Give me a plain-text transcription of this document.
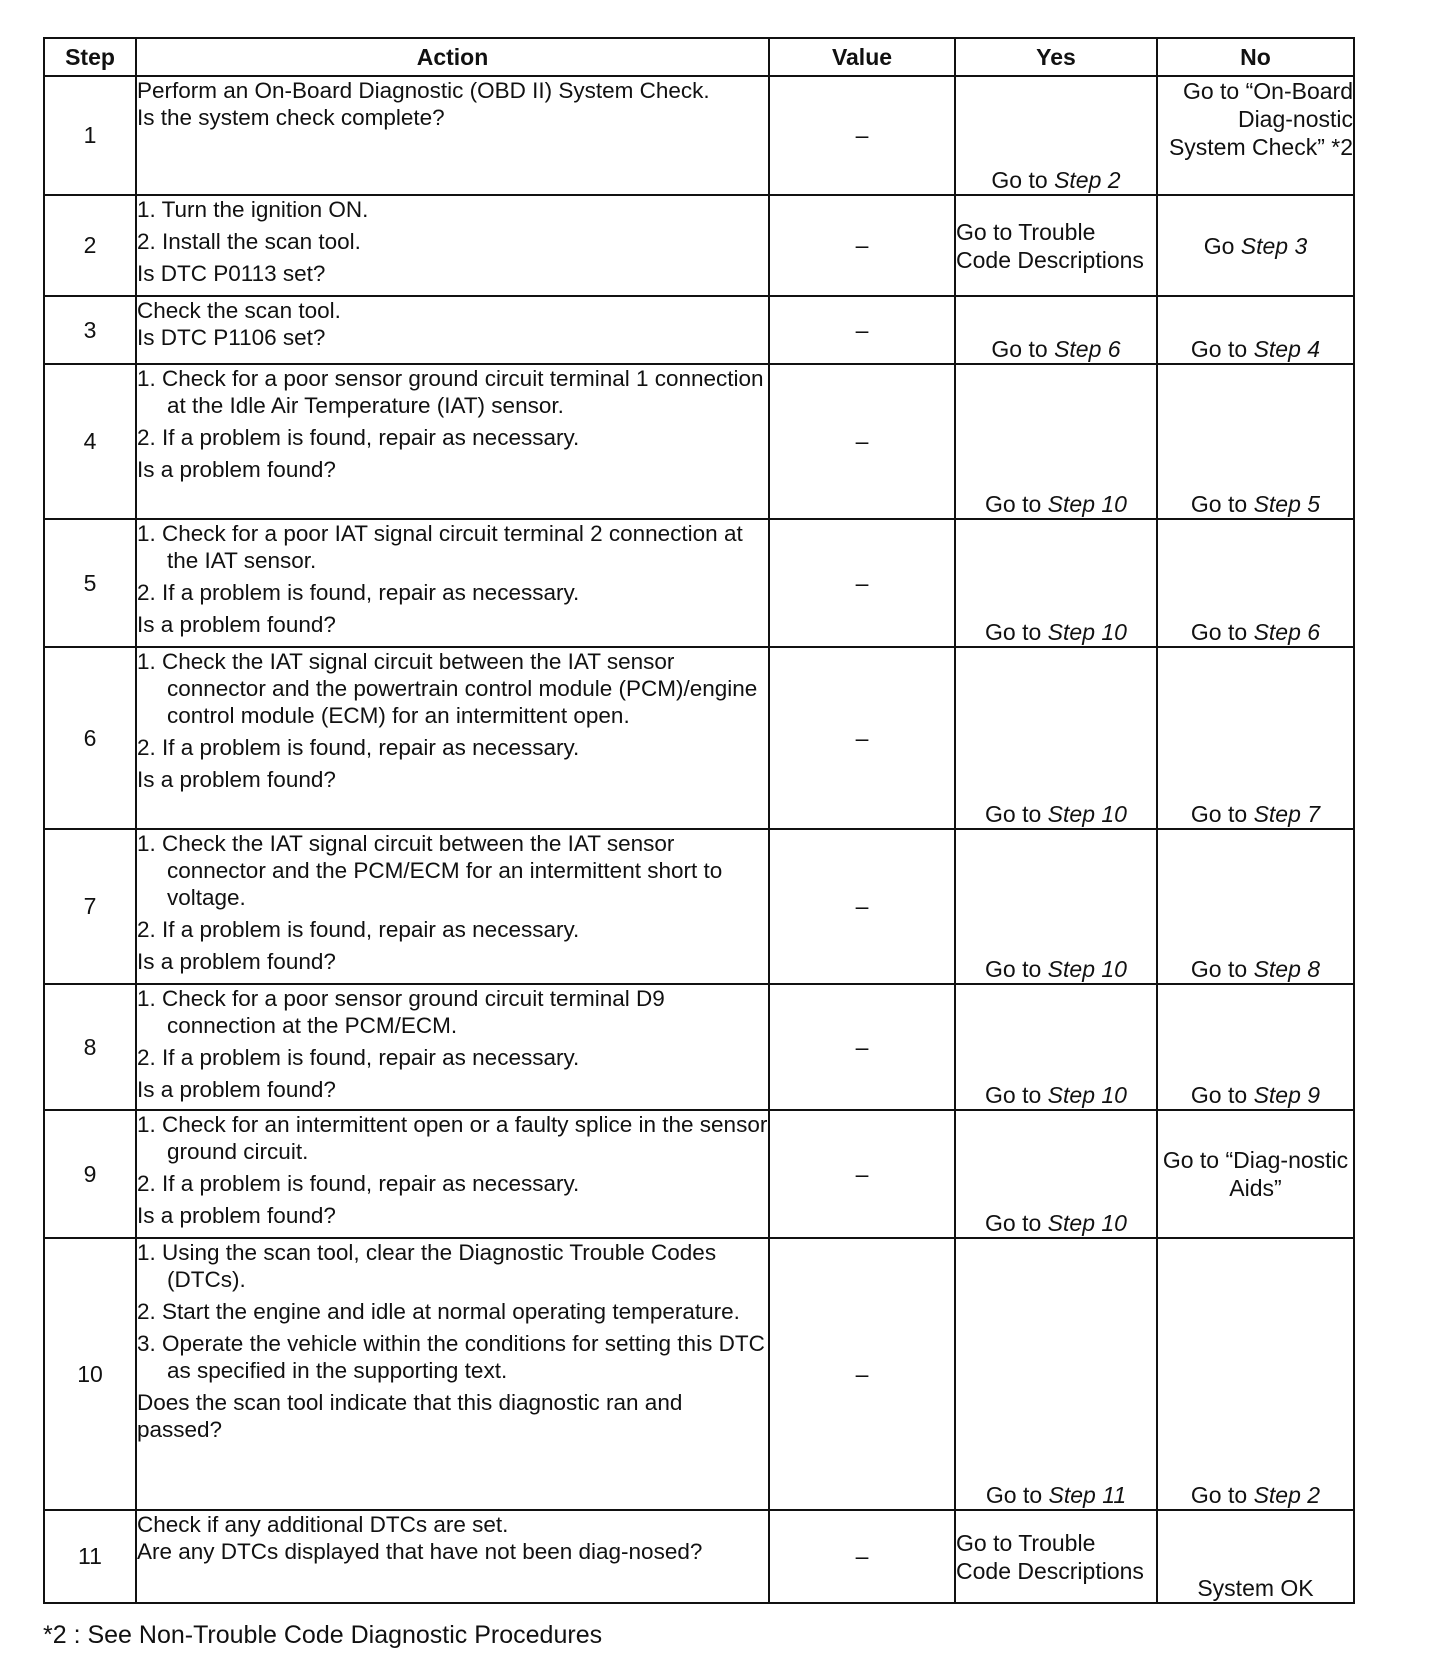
Step	Action	Value	Yes	No
1	Perform an On-Board Diagnostic (OBD II) System Check.
Is the system check complete?	–	Go to Step 2	Go to “On-Board Diag-nostic System Check” *2
2	1. Turn the ignition ON.
2. Install the scan tool.
Is DTC P0113 set?	–	Go to Trouble Code Descriptions	Go Step 3
3	Check the scan tool.
Is DTC P1106 set?	–	Go to Step 6	Go to Step 4
4	1. Check for a poor sensor ground circuit terminal 1 connection at the Idle Air Temperature (IAT) sensor.
2. If a problem is found, repair as necessary.
Is a problem found?	–	Go to Step 10	Go to Step 5
5	1. Check for a poor IAT signal circuit terminal 2 connection at the IAT sensor.
2. If a problem is found, repair as necessary.
Is a problem found?	–	Go to Step 10	Go to Step 6
6	1. Check the IAT signal circuit between the IAT sensor connector and the powertrain control module (PCM)/engine control module (ECM) for an intermittent open.
2. If a problem is found, repair as necessary.
Is a problem found?	–	Go to Step 10	Go to Step 7
7	1. Check the IAT signal circuit between the IAT sensor connector and the PCM/ECM for an intermittent short to voltage.
2. If a problem is found, repair as necessary.
Is a problem found?	–	Go to Step 10	Go to Step 8
8	1. Check for a poor sensor ground circuit terminal D9 connection at the PCM/ECM.
2. If a problem is found, repair as necessary.
Is a problem found?	–	Go to Step 10	Go to Step 9
9	1. Check for an intermittent open or a faulty splice in the sensor ground circuit.
2. If a problem is found, repair as necessary.
Is a problem found?	–	Go to Step 10	Go to “Diag-nostic Aids”
10	1. Using the scan tool, clear the Diagnostic Trouble Codes (DTCs).
2. Start the engine and idle at normal operating temperature.
3. Operate the vehicle within the conditions for setting this DTC as specified in the supporting text.
Does the scan tool indicate that this diagnostic ran and passed?	–	Go to Step 11	Go to Step 2
11	Check if any additional DTCs are set.
Are any DTCs displayed that have not been diag-nosed?	–	Go to Trouble Code Descriptions	System OK
*2 : See Non-Trouble Code Diagnostic Procedures
